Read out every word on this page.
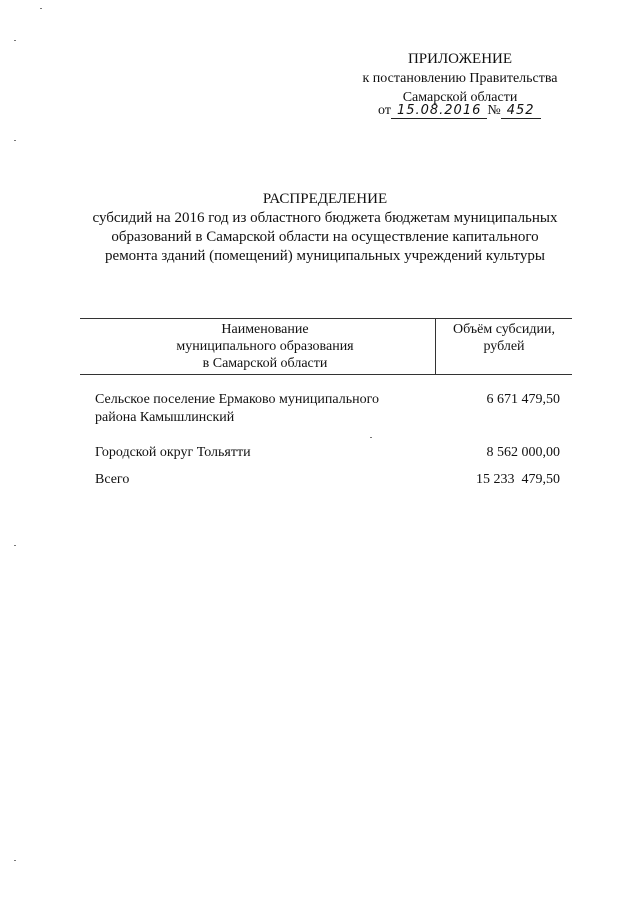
ПРИЛОЖЕНИЕ
к постановлению Правительства
Самарской области
от 15.08.2016 № 452
РАСПРЕДЕЛЕНИЕ
субсидий на 2016 год из областного бюджета бюджетам муниципальных
образований в Самарской области на осуществление капитального
ремонта зданий (помещений) муниципальных учреждений культуры
Наименование
муниципального образования
в Самарской области
Объём субсидии,
рублей
Сельское поселение Ермаково муниципального
района Камышлинский
6 671 479,50
Городской округ Тольятти	8 562 000,00
Всего	15 233  479,50
